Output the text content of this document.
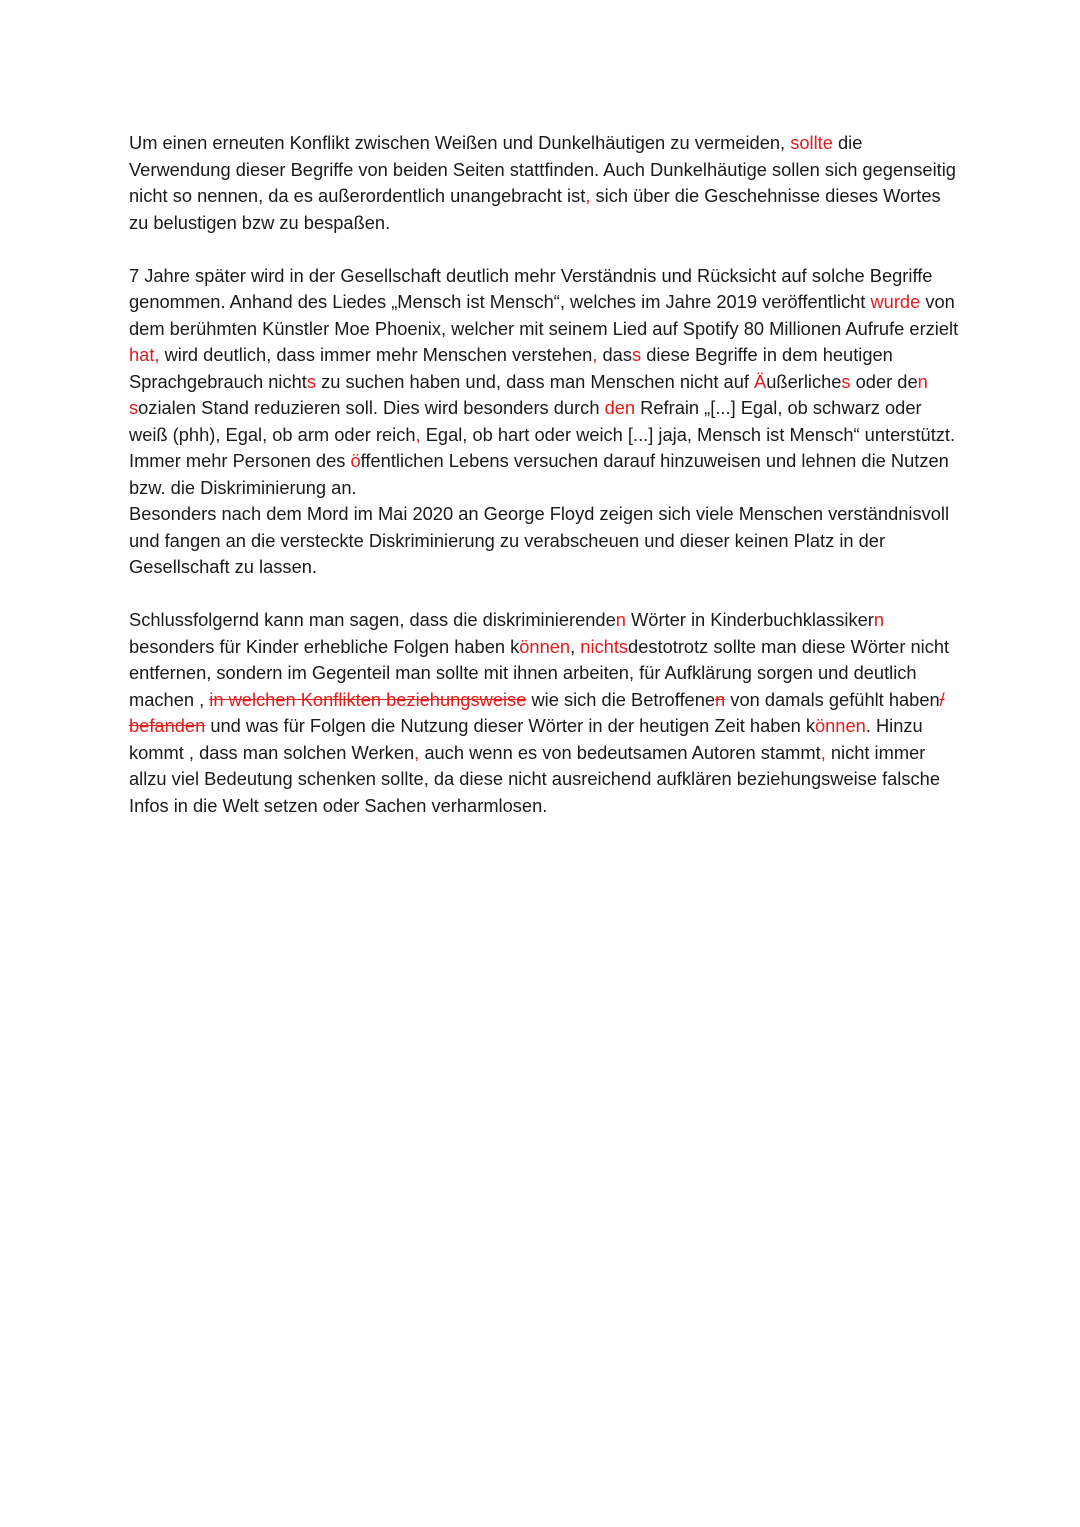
Um einen erneuten Konflikt zwischen Weißen und Dunkelhäutigen zu vermeiden, sollte die Verwendung dieser Begriffe von beiden Seiten stattfinden. Auch Dunkelhäutige sollen sich gegenseitig nicht so nennen, da es außerordentlich unangebracht ist, sich über die Geschehnisse dieses Wortes zu belustigen bzw zu bespaßen.

7 Jahre später wird in der Gesellschaft deutlich mehr Verständnis und Rücksicht auf solche Begriffe genommen. Anhand des Liedes „Mensch ist Mensch“, welches im Jahre 2019 veröffentlicht wurde von dem berühmten Künstler Moe Phoenix, welcher mit seinem Lied auf Spotify 80 Millionen Aufrufe erzielt hat, wird deutlich, dass immer mehr Menschen verstehen, dass diese Begriffe in dem heutigen Sprachgebrauch nichts zu suchen haben und, dass man Menschen nicht auf Äußerliches oder den sozialen Stand reduzieren soll. Dies wird besonders durch den Refrain „[...] Egal, ob schwarz oder weiß (phh), Egal, ob arm oder reich, Egal, ob hart oder weich [...] jaja, Mensch ist Mensch“ unterstützt. Immer mehr Personen des öffentlichen Lebens versuchen darauf hinzuweisen und lehnen die Nutzen bzw. die Diskriminierung an.

Besonders nach dem Mord im Mai 2020 an George Floyd zeigen sich viele Menschen verständnisvoll und fangen an die versteckte Diskriminierung zu verabscheuen und dieser keinen Platz in der Gesellschaft zu lassen.

Schlussfolgernd kann man sagen, dass die diskriminierenden Wörter in Kinderbuchklassikern besonders für Kinder erhebliche Folgen haben können, nichtsdestotrotz sollte man diese Wörter nicht entfernen, sondern im Gegenteil man sollte mit ihnen arbeiten, für Aufklärung sorgen und deutlich machen , in welchen Konflikten beziehungsweise wie sich die Betroffenen von damals gefühlt haben/ befanden und was für Folgen die Nutzung dieser Wörter in der heutigen Zeit haben können. Hinzu kommt , dass man solchen Werken, auch wenn es von bedeutsamen Autoren stammt, nicht immer allzu viel Bedeutung schenken sollte, da diese nicht ausreichend aufklären beziehungsweise falsche Infos in die Welt setzen oder Sachen verharmlosen.
